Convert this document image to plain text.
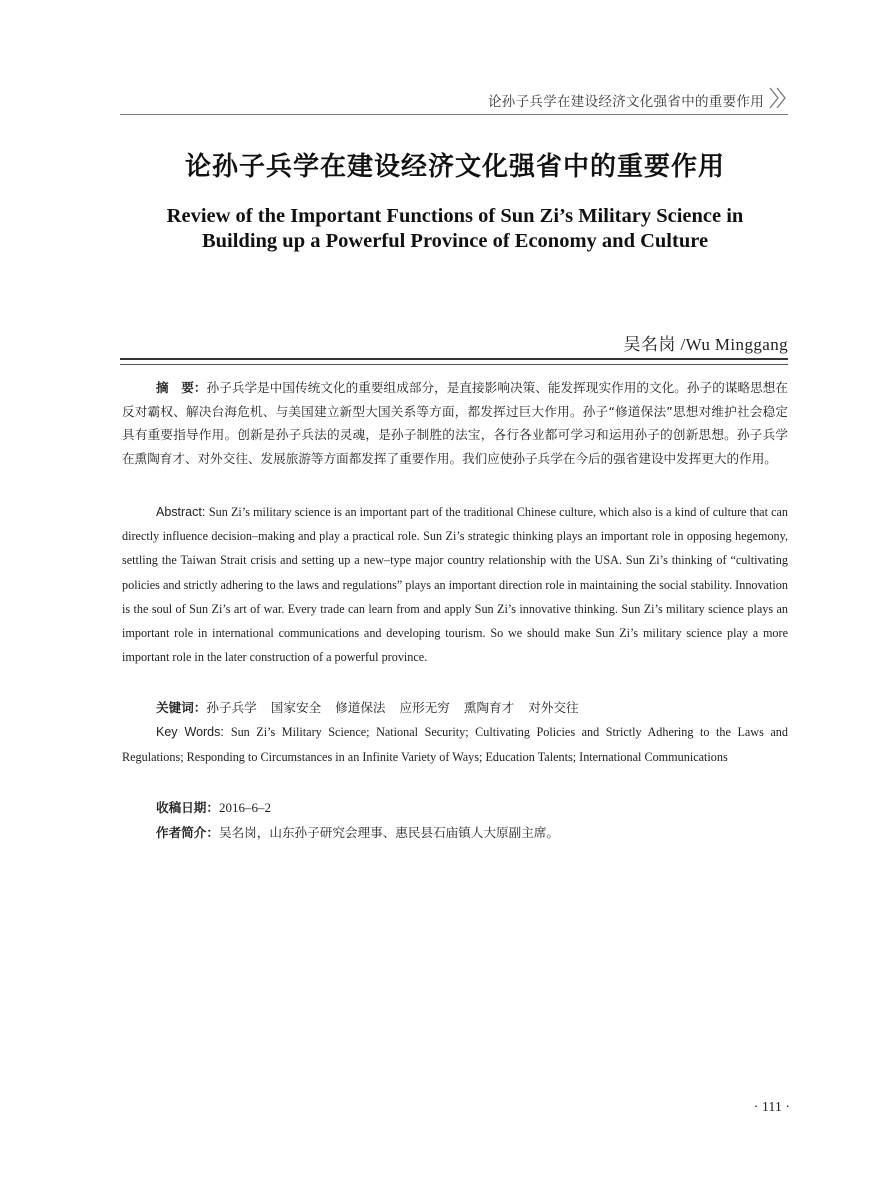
论孙子兵学在建设经济文化强省中的重要作用
论孙子兵学在建设经济文化强省中的重要作用
Review of the Important Functions of Sun Zi’s Military Science in
Building up a Powerful Province of Economy and Culture
吴名岗 /Wu Minggang
摘　要：孙子兵学是中国传统文化的重要组成部分，是直接影响决策、能发挥现实作用的文化。孙子的谋略思想在反对霸权、解决台海危机、与美国建立新型大国关系等方面，都发挥过巨大作用。孙子“修道保法”思想对维护社会稳定具有重要指导作用。创新是孙子兵法的灵魂，是孙子制胜的法宝，各行各业都可学习和运用孙子的创新思想。孙子兵学在熏陶育才、对外交往、发展旅游等方面都发挥了重要作用。我们应使孙子兵学在今后的强省建设中发挥更大的作用。
Abstract: Sun Zi’s military science is an important part of the traditional Chinese culture, which also is a kind of culture that can directly influence decision–making and play a practical role. Sun Zi’s strategic thinking plays an important role in opposing hegemony, settling the Taiwan Strait crisis and setting up a new–type major country relationship with the USA. Sun Zi’s thinking of “cultivating policies and strictly adhering to the laws and regulations” plays an important direction role in maintaining the social stability. Innovation is the soul of Sun Zi’s art of war. Every trade can learn from and apply Sun Zi’s innovative thinking. Sun Zi’s military science plays an important role in international communications and developing tourism. So we should make Sun Zi’s military science play a more important role in the later construction of a powerful province.
关键词：孙子兵学 国家安全 修道保法 应形无穷 熏陶育才 对外交往
Key Words: Sun Zi’s Military Science; National Security; Cultivating Policies and Strictly Adhering to the Laws and Regulations; Responding to Circumstances in an Infinite Variety of Ways; Education Talents; International Communications
收稿日期：2016–6–2
作者简介：吴名岗，山东孙子研究会理事、惠民县石庙镇人大原副主席。
· 111 ·
